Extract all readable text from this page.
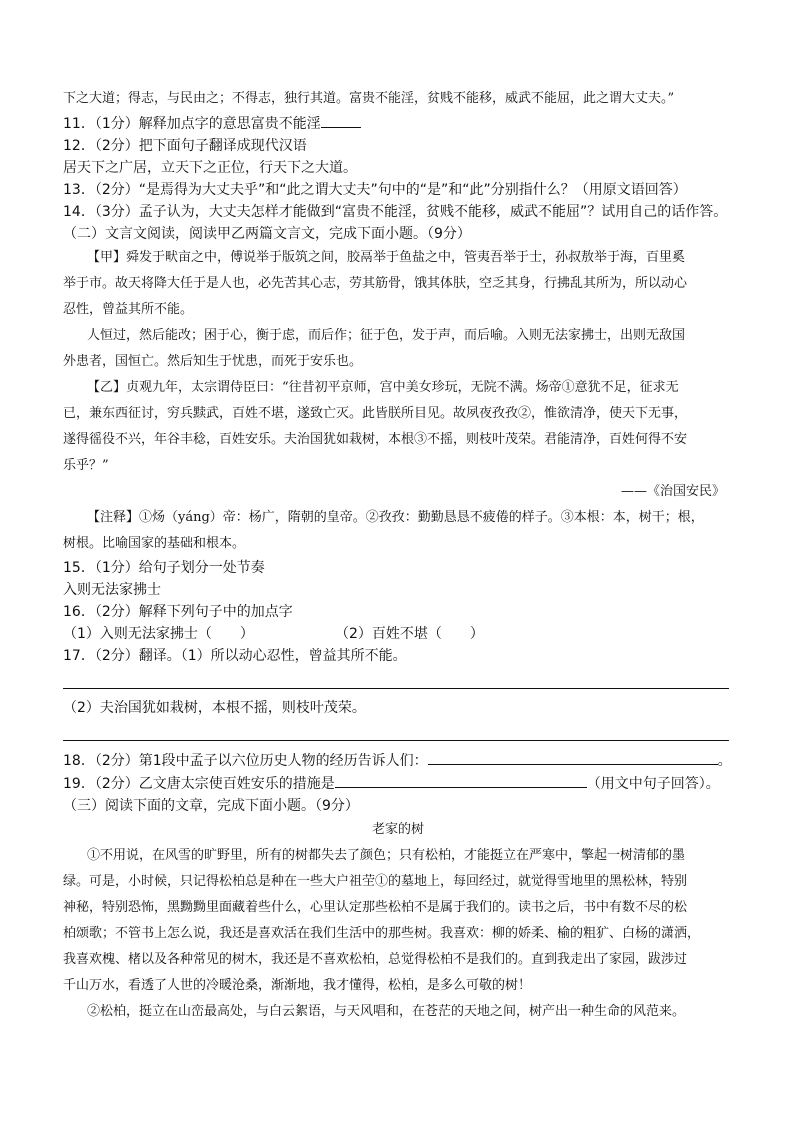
下之大道；得志，与民由之；不得志，独行其道。富贵不能淫，贫贱不能移，威武不能屈，此之谓大丈夫。”

11．（1分）解释加点字的意思富贵不能淫

12．（2分）把下面句子翻译成现代汉语

居天下之广居，立天下之正位，行天下之大道。

13．（2分）“是焉得为大丈夫乎”和“此之谓大丈夫”句中的“是”和“此”分别指什么？（用原文语回答）

14．（3分）孟子认为，大丈夫怎样才能做到“富贵不能淫，贫贱不能移，威武不能屈”？试用自己的话作答。

（二）文言文阅读，阅读甲乙两篇文言文，完成下面小题。（9分）

【甲】舜发于畎亩之中，傅说举于版筑之间，胶鬲举于鱼盐之中，管夷吾举于士，孙叔敖举于海，百里奚

举于市。故天将降大任于是人也，必先苦其心志，劳其筋骨，饿其体肤，空乏其身，行拂乱其所为，所以动心

忍性，曾益其所不能。

人恒过，然后能改；困于心，衡于虑，而后作；征于色，发于声，而后喻。入则无法家拂士，出则无敌国

外患者，国恒亡。然后知生于忧患，而死于安乐也。

【乙】贞观九年，太宗谓侍臣曰：“往昔初平京师，宫中美女珍玩，无院不满。炀帝①意犹不足，征求无

已，兼东西征讨，穷兵黩武，百姓不堪，遂致亡灭。此皆朕所目见。故夙夜孜孜②，惟欲清净，使天下无事，

遂得徭役不兴，年谷丰稔，百姓安乐。夫治国犹如栽树，本根③不摇，则枝叶茂荣。君能清净，百姓何得不安

乐乎？”

——《治国安民》

【注释】①炀（yáng）帝：杨广，隋朝的皇帝。②孜孜：勤勤恳恳不疲倦的样子。③本根：本，树干；根，

树根。比喻国家的基础和根本。

15．（1分）给句子划分一处节奏

入则无法家拂士

16．（2分）解释下列句子中的加点字

（1）入则无法家拂士（　　）	（2）百姓不堪（　　）

17．（2分）翻译。（1）所以动心忍性，曾益其所不能。

（2）夫治国犹如栽树，本根不摇，则枝叶茂荣。

18．（2分）第1段中孟子以六位历史人物的经历告诉人们：	。

19．（2分）乙文唐太宗使百姓安乐的措施是	（用文中句子回答）。

（三）阅读下面的文章，完成下面小题。（9分）

老家的树

①不用说，在风雪的旷野里，所有的树都失去了颜色；只有松柏，才能挺立在严寒中，擎起一树清郁的墨

绿。可是，小时候，只记得松柏总是种在一些大户祖茔①的墓地上，每回经过，就觉得雪地里的黑松林，特别

神秘，特别恐怖，黑黝黝里面藏着些什么，心里认定那些松柏不是属于我们的。读书之后，书中有数不尽的松

柏颂歌；不管书上怎么说，我还是喜欢活在我们生活中的那些树。我喜欢：柳的娇柔、榆的粗犷、白杨的潇洒，

我喜欢槐、楮以及各种常见的树木，我还是不喜欢松柏，总觉得松柏不是我们的。直到我走出了家园，跋涉过

千山万水，看透了人世的冷暖沧桑，渐渐地，我才懂得，松柏，是多么可敬的树！

②松柏，挺立在山峦最高处，与白云絮语，与天风唱和，在苍茫的天地之间，树产出一种生命的风范来。
